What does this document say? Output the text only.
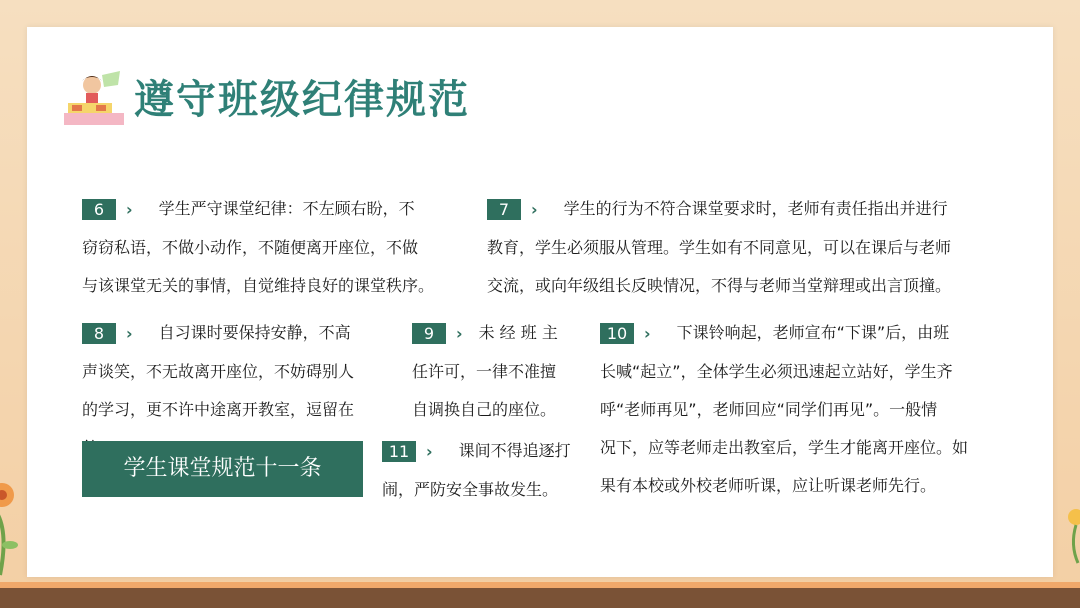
遵守班级纪律规范
6 › 学生严守课堂纪律：不左顾右盼，不
窃窃私语，不做小动作，不随便离开座位，不做
与该课堂无关的事情，自觉维持良好的课堂秩序。
7 › 学生的行为不符合课堂要求时，老师有责任指出并进行
教育，学生必须服从管理。学生如有不同意见，可以在课后与老师
交流，或向年级组长反映情况，不得与老师当堂辩理或出言顶撞。
8 › 自习课时要保持安静，不高
声谈笑，不无故离开座位，不妨碍别人
的学习，更不许中途离开教室，逗留在
9 › 未 经 班 主
任许可，一律不准擅
自调换自己的座位。
10 › 下课铃响起，老师宣布“下课”后，由班
长喊“起立”，全体学生必须迅速起立站好，学生齐
呼“老师再见”，老师回应“同学们再见”。一般情
况下，应等老师走出教室后，学生才能离开座位。如
果有本校或外校老师听课，应让听课老师先行。
11 › 课间不得追逐打
闹，严防安全事故发生。
学生课堂规范十一条
